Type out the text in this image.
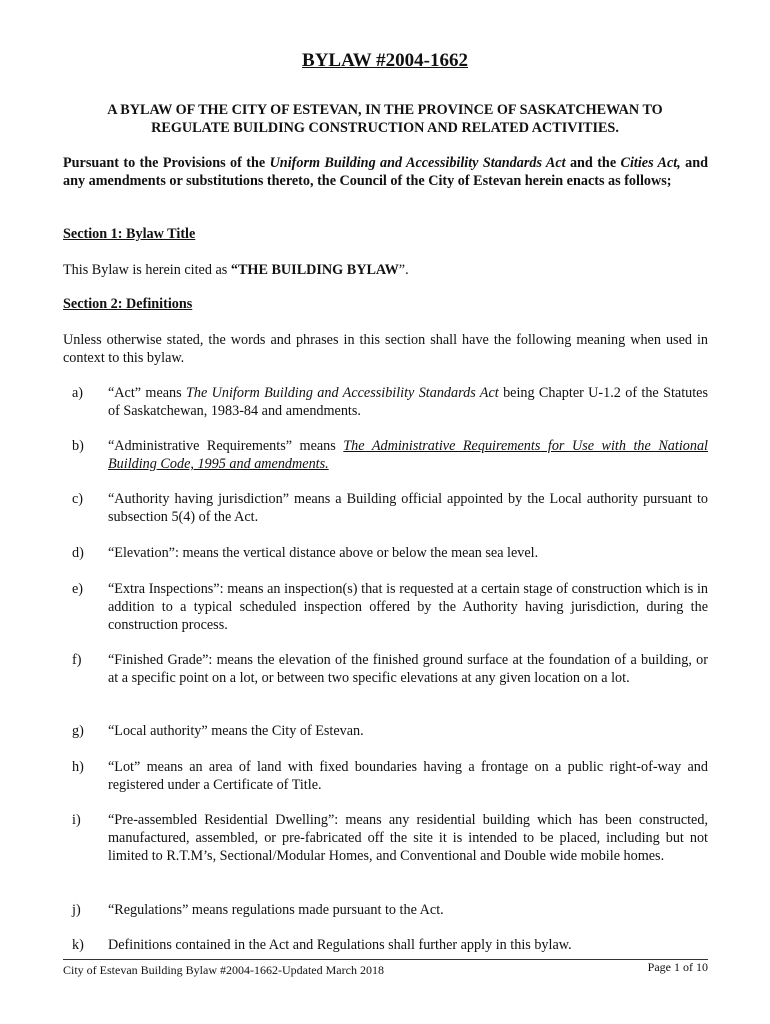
BYLAW #2004-1662
A BYLAW OF THE CITY OF ESTEVAN, IN THE PROVINCE OF SASKATCHEWAN TO REGULATE BUILDING CONSTRUCTION AND RELATED ACTIVITIES.
Pursuant to the Provisions of the Uniform Building and Accessibility Standards Act and the Cities Act, and any amendments or substitutions thereto, the Council of the City of Estevan herein enacts as follows;
Section 1: Bylaw Title
This Bylaw is herein cited as “THE BUILDING BYLAW”.
Section 2: Definitions
Unless otherwise stated, the words and phrases in this section shall have the following meaning when used in context to this bylaw.
a)	“Act” means The Uniform Building and Accessibility Standards Act being Chapter U-1.2 of the Statutes of Saskatchewan, 1983-84 and amendments.
b)	“Administrative Requirements” means The Administrative Requirements for Use with the National Building Code, 1995 and amendments.
c)	“Authority having jurisdiction” means a Building official appointed by the Local authority pursuant to subsection 5(4) of the Act.
d)	“Elevation”: means the vertical distance above or below the mean sea level.
e)	“Extra Inspections”: means an inspection(s) that is requested at a certain stage of construction which is in addition to a typical scheduled inspection offered by the Authority having jurisdiction, during the construction process.
f)	“Finished Grade”: means the elevation of the finished ground surface at the foundation of a building, or at a specific point on a lot, or between two specific elevations at any given location on a lot.
g)	“Local authority” means the City of Estevan.
h)	“Lot” means an area of land with fixed boundaries having a frontage on a public right-of-way and registered under a Certificate of Title.
i)	“Pre-assembled Residential Dwelling”: means any residential building which has been constructed, manufactured, assembled, or pre-fabricated off the site it is intended to be placed, including but not limited to R.T.M’s, Sectional/Modular Homes, and Conventional and Double wide mobile homes.
j)	“Regulations” means regulations made pursuant to the Act.
k)	Definitions contained in the Act and Regulations shall further apply in this bylaw.
City of Estevan Building Bylaw #2004-1662-Updated March 2018	Page 1 of 10
